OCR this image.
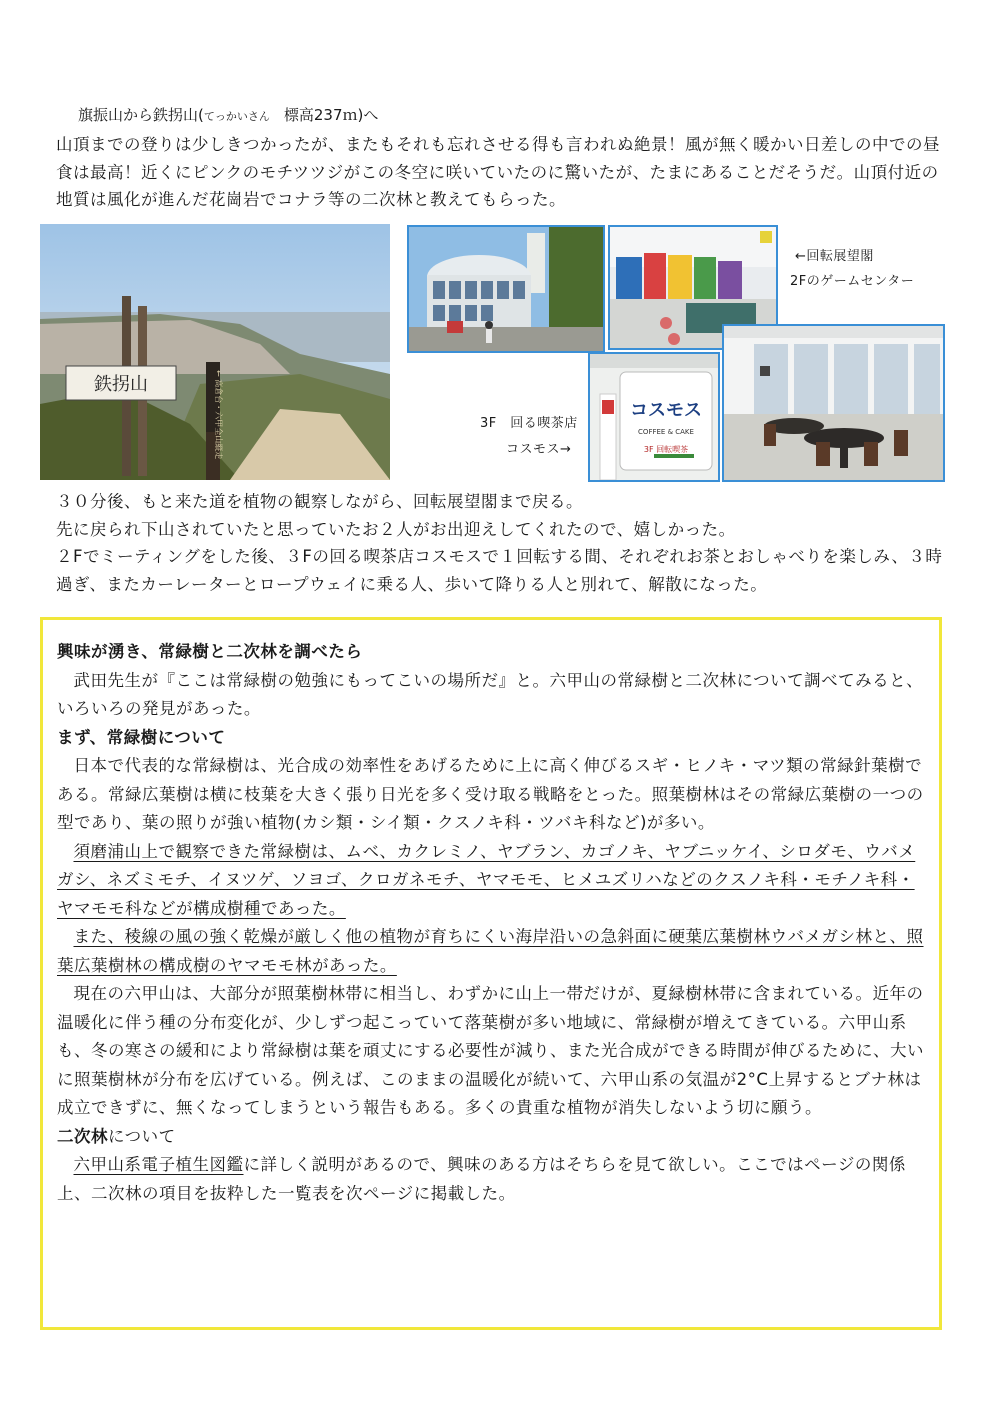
旗振山から鉄拐山(てっかいさん 標高237ｍ)へ

山頂までの登りは少しきつかったが、またもそれも忘れさせる得も言われぬ絶景！風が無く暖かい日差しの中での昼食は最高！近くにピンクのモチツツジがこの冬空に咲いていたのに驚いたが、たまにあることだそうだ。山頂付近の地質は風化が進んだ花崗岩でコナラ等の二次林と教えてもらった。

鉄拐山	← 高倉台・六甲全山縦走
←回転展望閣
2Fのゲームセンター
コスモス
COFFEE & CAKE
3F 回転喫茶
3F　回る喫茶店
コスモス→

３０分後、もと来た道を植物の観察しながら、回転展望閣まで戻る。

先に戻られ下山されていたと思っていたお２人がお出迎えしてくれたので、嬉しかった。

２Fでミーティングをした後、３Fの回る喫茶店コスモスで１回転する間、それぞれお茶とおしゃべりを楽しみ、３時過ぎ、またカーレーターとロープウェイに乗る人、歩いて降りる人と別れて、解散になった。

興味が湧き、常緑樹と二次林を調べたら

武田先生が『ここは常緑樹の勉強にもってこいの場所だ』と。六甲山の常緑樹と二次林について調べてみると、いろいろの発見があった。

まず、常緑樹について

日本で代表的な常緑樹は、光合成の効率性をあげるために上に高く伸びるスギ・ヒノキ・マツ類の常緑針葉樹である。常緑広葉樹は横に枝葉を大きく張り日光を多く受け取る戦略をとった。照葉樹林はその常緑広葉樹の一つの型であり、葉の照りが強い植物(カシ類・シイ類・クスノキ科・ツバキ科など)が多い。

須磨浦山上で観察できた常緑樹は、ムベ、カクレミノ、ヤブラン、カゴノキ、ヤブニッケイ、シロダモ、ウバメガシ、ネズミモチ、イヌツゲ、ソヨゴ、クロガネモチ、ヤマモモ、ヒメユズリハなどのクスノキ科・モチノキ科・ヤマモモ科などが構成樹種であった。

また、稜線の風の強く乾燥が厳しく他の植物が育ちにくい海岸沿いの急斜面に硬葉広葉樹林ウバメガシ林と、照葉広葉樹林の構成樹のヤマモモ林があった。

現在の六甲山は、大部分が照葉樹林帯に相当し、わずかに山上一帯だけが、夏緑樹林帯に含まれている。近年の温暖化に伴う種の分布変化が、少しずつ起こっていて落葉樹が多い地域に、常緑樹が増えてきている。六甲山系も、冬の寒さの緩和により常緑樹は葉を頑丈にする必要性が減り、また光合成ができる時間が伸びるために、大いに照葉樹林が分布を広げている。例えば、このままの温暖化が続いて、六甲山系の気温が2°C上昇するとブナ林は成立できずに、無くなってしまうという報告もある。多くの貴重な植物が消失しないよう切に願う。

二次林について

六甲山系電子植生図鑑に詳しく説明があるので、興味のある方はそちらを見て欲しい。ここではページの関係上、二次林の項目を抜粋した一覧表を次ページに掲載した。
